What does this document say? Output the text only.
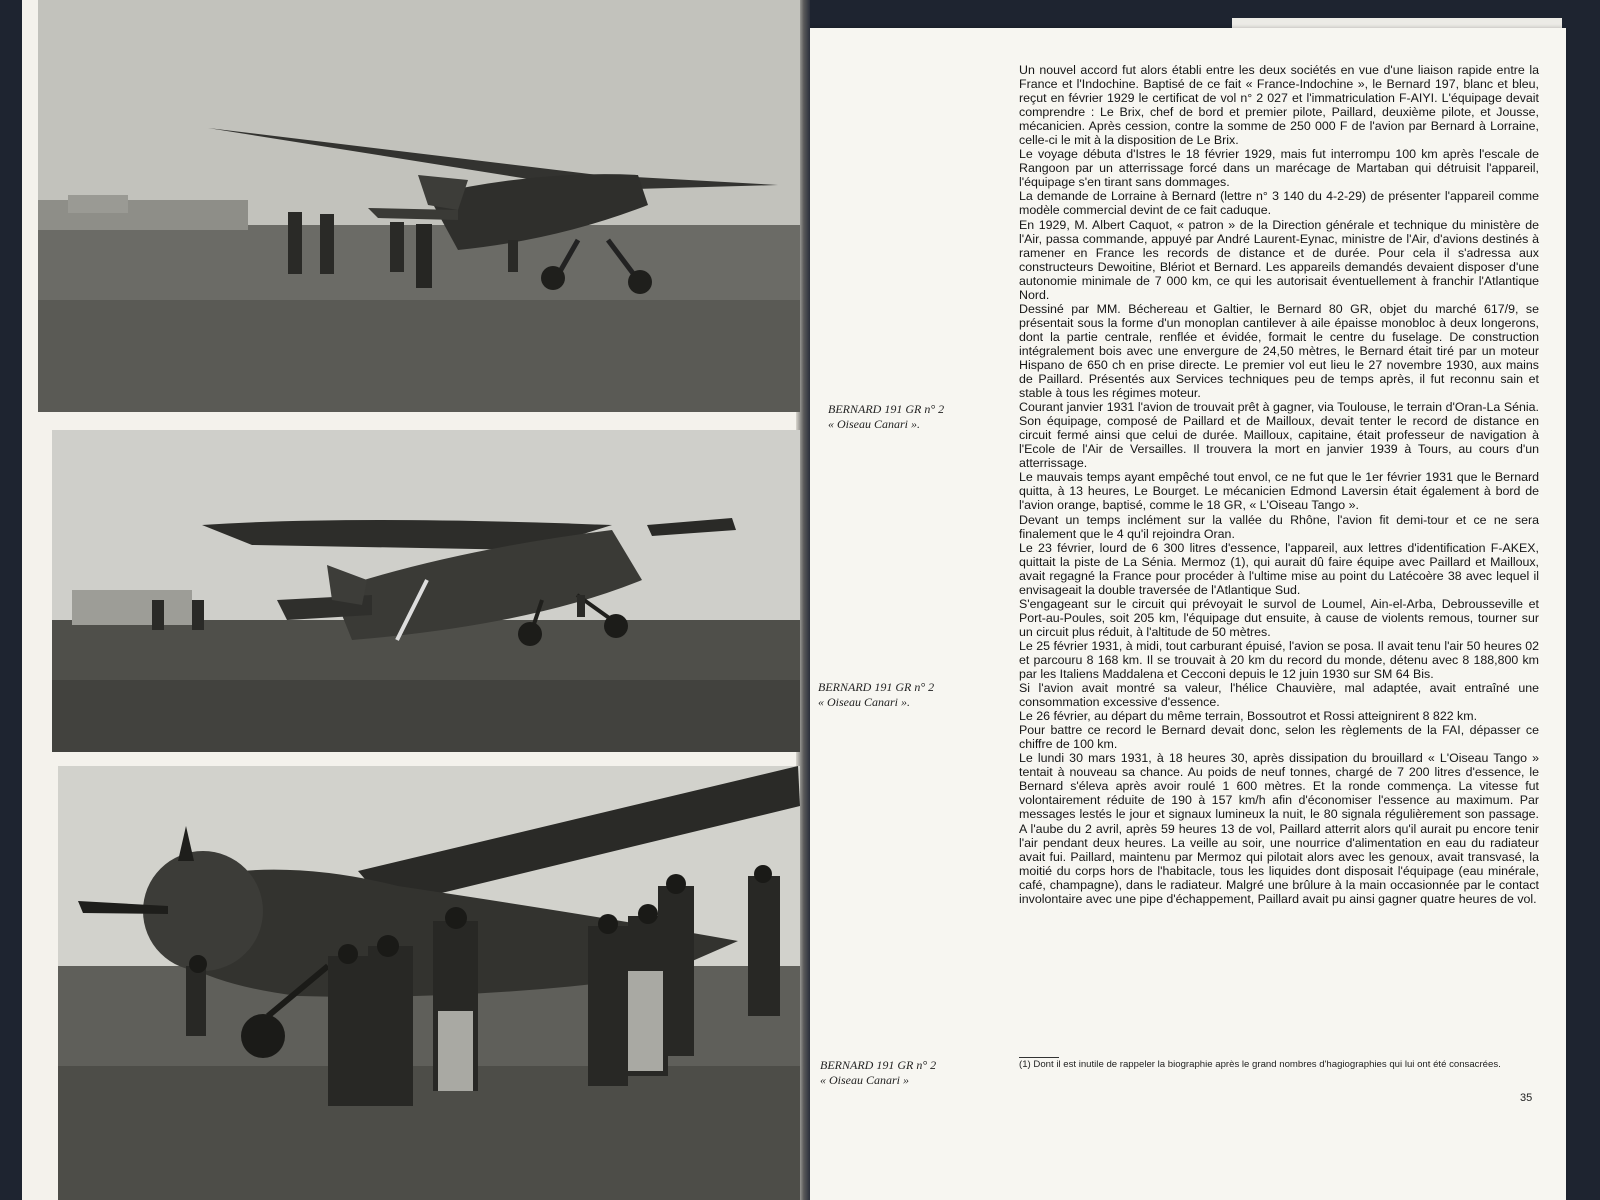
BERNARD 191 GR n° 2
« Oiseau Canari ».
BERNARD 191 GR n° 2
« Oiseau Canari ».
BERNARD 191 GR n° 2
« Oiseau Canari »

Un nouvel accord fut alors établi entre les deux sociétés en vue d'une liaison rapide entre la France et l'Indochine. Baptisé de ce fait « France-Indochine », le Bernard 197, blanc et bleu, reçut en février 1929 le certificat de vol n° 2 027 et l'immatriculation F-AIYI. L'équipage devait comprendre : Le Brix, chef de bord et premier pilote, Paillard, deuxième pilote, et Jousse, mécanicien. Après cession, contre la somme de 250 000 F de l'avion par Bernard à Lorraine, celle-ci le mit à la disposition de Le Brix.

Le voyage débuta d'Istres le 18 février 1929, mais fut interrompu 100 km après l'escale de Rangoon par un atterrissage forcé dans un marécage de Martaban qui détruisit l'appareil, l'équipage s'en tirant sans dommages.

La demande de Lorraine à Bernard (lettre n° 3 140 du 4-2-29) de présenter l'appareil comme modèle commercial devint de ce fait caduque.

En 1929, M. Albert Caquot, « patron » de la Direction générale et technique du ministère de l'Air, passa commande, appuyé par André Laurent-Eynac, ministre de l'Air, d'avions destinés à ramener en France les records de distance et de durée. Pour cela il s'adressa aux constructeurs Dewoitine, Blériot et Bernard. Les appareils demandés devaient disposer d'une autonomie minimale de 7 000 km, ce qui les autorisait éventuellement à franchir l'Atlantique Nord.

Dessiné par MM. Béchereau et Galtier, le Bernard 80 GR, objet du marché 617/9, se présentait sous la forme d'un monoplan cantilever à aile épaisse monobloc à deux longerons, dont la partie centrale, renflée et évidée, formait le centre du fuselage. De construction intégralement bois avec une envergure de 24,50 mètres, le Bernard était tiré par un moteur Hispano de 650 ch en prise directe. Le premier vol eut lieu le 27 novembre 1930, aux mains de Paillard. Présentés aux Services techniques peu de temps après, il fut reconnu sain et stable à tous les régimes moteur.

Courant janvier 1931 l'avion de trouvait prêt à gagner, via Toulouse, le terrain d'Oran-La Sénia. Son équipage, composé de Paillard et de Mailloux, devait tenter le record de distance en circuit fermé ainsi que celui de durée. Mailloux, capitaine, était professeur de navigation à l'Ecole de l'Air de Versailles. Il trouvera la mort en janvier 1939 à Tours, au cours d'un atterrissage.

Le mauvais temps ayant empêché tout envol, ce ne fut que le 1er février 1931 que le Bernard quitta, à 13 heures, Le Bourget. Le mécanicien Edmond Laversin était également à bord de l'avion orange, baptisé, comme le 18 GR, « L'Oiseau Tango ».

Devant un temps inclément sur la vallée du Rhône, l'avion fit demi-tour et ce ne sera finalement que le 4 qu'il rejoindra Oran.

Le 23 février, lourd de 6 300 litres d'essence, l'appareil, aux lettres d'identification F-AKEX, quittait la piste de La Sénia. Mermoz (1), qui aurait dû faire équipe avec Paillard et Mailloux, avait regagné la France pour procéder à l'ultime mise au point du Latécoère 38 avec lequel il envisageait la double traversée de l'Atlantique Sud.

S'engageant sur le circuit qui prévoyait le survol de Loumel, Ain-el-Arba, Debrousseville et Port-au-Poules, soit 205 km, l'équipage dut ensuite, à cause de violents remous, tourner sur un circuit plus réduit, à l'altitude de 50 mètres.

Le 25 février 1931, à midi, tout carburant épuisé, l'avion se posa. Il avait tenu l'air 50 heures 02 et parcouru 8 168 km. Il se trouvait à 20 km du record du monde, détenu avec 8 188,800 km par les Italiens Maddalena et Cecconi depuis le 12 juin 1930 sur SM 64 Bis.

Si l'avion avait montré sa valeur, l'hélice Chauvière, mal adaptée, avait entraîné une consommation excessive d'essence.

Le 26 février, au départ du même terrain, Bossoutrot et Rossi atteignirent 8 822 km.

Pour battre ce record le Bernard devait donc, selon les règlements de la FAI, dépasser ce chiffre de 100 km.

Le lundi 30 mars 1931, à 18 heures 30, après dissipation du brouillard « L'Oiseau Tango » tentait à nouveau sa chance. Au poids de neuf tonnes, chargé de 7 200 litres d'essence, le Bernard s'éleva après avoir roulé 1 600 mètres. Et la ronde commença. La vitesse fut volontairement réduite de 190 à 157 km/h afin d'économiser l'essence au maximum. Par messages lestés le jour et signaux lumineux la nuit, le 80 signala régulièrement son passage. A l'aube du 2 avril, après 59 heures 13 de vol, Paillard atterrit alors qu'il aurait pu encore tenir l'air pendant deux heures. La veille au soir, une nourrice d'alimentation en eau du radiateur avait fui. Paillard, maintenu par Mermoz qui pilotait alors avec les genoux, avait transvasé, la moitié du corps hors de l'habitacle, tous les liquides dont disposait l'équipage (eau minérale, café, champagne), dans le radiateur. Malgré une brûlure à la main occasionnée par le contact involontaire avec une pipe d'échappement, Paillard avait pu ainsi gagner quatre heures de vol.

(1) Dont il est inutile de rappeler la biographie après le grand nombres d'hagiographies qui lui ont été consacrées.
35
